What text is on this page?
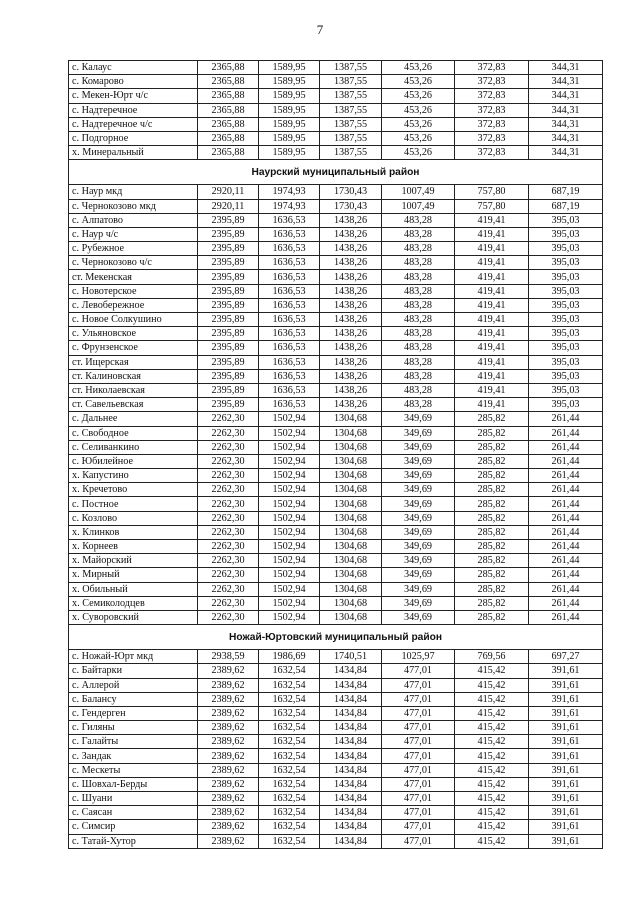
7
с. Калаус	2365,88	1589,95	1387,55	453,26	372,83	344,31
с. Комарово	2365,88	1589,95	1387,55	453,26	372,83	344,31
с. Мекен-Юрт ч/с	2365,88	1589,95	1387,55	453,26	372,83	344,31
с. Надтеречное	2365,88	1589,95	1387,55	453,26	372,83	344,31
с. Надтеречное ч/с	2365,88	1589,95	1387,55	453,26	372,83	344,31
с. Подгорное	2365,88	1589,95	1387,55	453,26	372,83	344,31
х. Минеральный	2365,88	1589,95	1387,55	453,26	372,83	344,31
Наурский муниципальный район						
с. Наур мкд	2920,11	1974,93	1730,43	1007,49	757,80	687,19
с. Чернокозово мкд	2920,11	1974,93	1730,43	1007,49	757,80	687,19
с. Алпатово	2395,89	1636,53	1438,26	483,28	419,41	395,03
с. Наур ч/с	2395,89	1636,53	1438,26	483,28	419,41	395,03
с. Рубежное	2395,89	1636,53	1438,26	483,28	419,41	395,03
с. Чернокозово ч/с	2395,89	1636,53	1438,26	483,28	419,41	395,03
ст. Мекенская	2395,89	1636,53	1438,26	483,28	419,41	395,03
с. Новотерское	2395,89	1636,53	1438,26	483,28	419,41	395,03
с. Левобережное	2395,89	1636,53	1438,26	483,28	419,41	395,03
с. Новое Солкушино	2395,89	1636,53	1438,26	483,28	419,41	395,03
с. Ульяновское	2395,89	1636,53	1438,26	483,28	419,41	395,03
с. Фрунзенское	2395,89	1636,53	1438,26	483,28	419,41	395,03
ст. Ищерская	2395,89	1636,53	1438,26	483,28	419,41	395,03
ст. Калиновская	2395,89	1636,53	1438,26	483,28	419,41	395,03
ст. Николаевская	2395,89	1636,53	1438,26	483,28	419,41	395,03
ст. Савельевская	2395,89	1636,53	1438,26	483,28	419,41	395,03
с. Дальнее	2262,30	1502,94	1304,68	349,69	285,82	261,44
с. Свободное	2262,30	1502,94	1304,68	349,69	285,82	261,44
с. Селиванкино	2262,30	1502,94	1304,68	349,69	285,82	261,44
с. Юбилейное	2262,30	1502,94	1304,68	349,69	285,82	261,44
х. Капустино	2262,30	1502,94	1304,68	349,69	285,82	261,44
х. Кречетово	2262,30	1502,94	1304,68	349,69	285,82	261,44
с. Постное	2262,30	1502,94	1304,68	349,69	285,82	261,44
с. Козлово	2262,30	1502,94	1304,68	349,69	285,82	261,44
х. Клинков	2262,30	1502,94	1304,68	349,69	285,82	261,44
х. Корнеев	2262,30	1502,94	1304,68	349,69	285,82	261,44
х. Майорский	2262,30	1502,94	1304,68	349,69	285,82	261,44
х. Мирный	2262,30	1502,94	1304,68	349,69	285,82	261,44
х. Обильный	2262,30	1502,94	1304,68	349,69	285,82	261,44
х. Семиколодцев	2262,30	1502,94	1304,68	349,69	285,82	261,44
х. Суворовский	2262,30	1502,94	1304,68	349,69	285,82	261,44
Ножай-Юртовский муниципальный район						
с. Ножай-Юрт мкд	2938,59	1986,69	1740,51	1025,97	769,56	697,27
с. Байтарки	2389,62	1632,54	1434,84	477,01	415,42	391,61
с. Аллерой	2389,62	1632,54	1434,84	477,01	415,42	391,61
с. Балансу	2389,62	1632,54	1434,84	477,01	415,42	391,61
с. Гендерген	2389,62	1632,54	1434,84	477,01	415,42	391,61
с. Гиляны	2389,62	1632,54	1434,84	477,01	415,42	391,61
с. Галайты	2389,62	1632,54	1434,84	477,01	415,42	391,61
с. Зандак	2389,62	1632,54	1434,84	477,01	415,42	391,61
с. Мескеты	2389,62	1632,54	1434,84	477,01	415,42	391,61
с. Шовхал-Берды	2389,62	1632,54	1434,84	477,01	415,42	391,61
с. Шуани	2389,62	1632,54	1434,84	477,01	415,42	391,61
с. Саясан	2389,62	1632,54	1434,84	477,01	415,42	391,61
с. Симсир	2389,62	1632,54	1434,84	477,01	415,42	391,61
с. Татай-Хутор	2389,62	1632,54	1434,84	477,01	415,42	391,61
